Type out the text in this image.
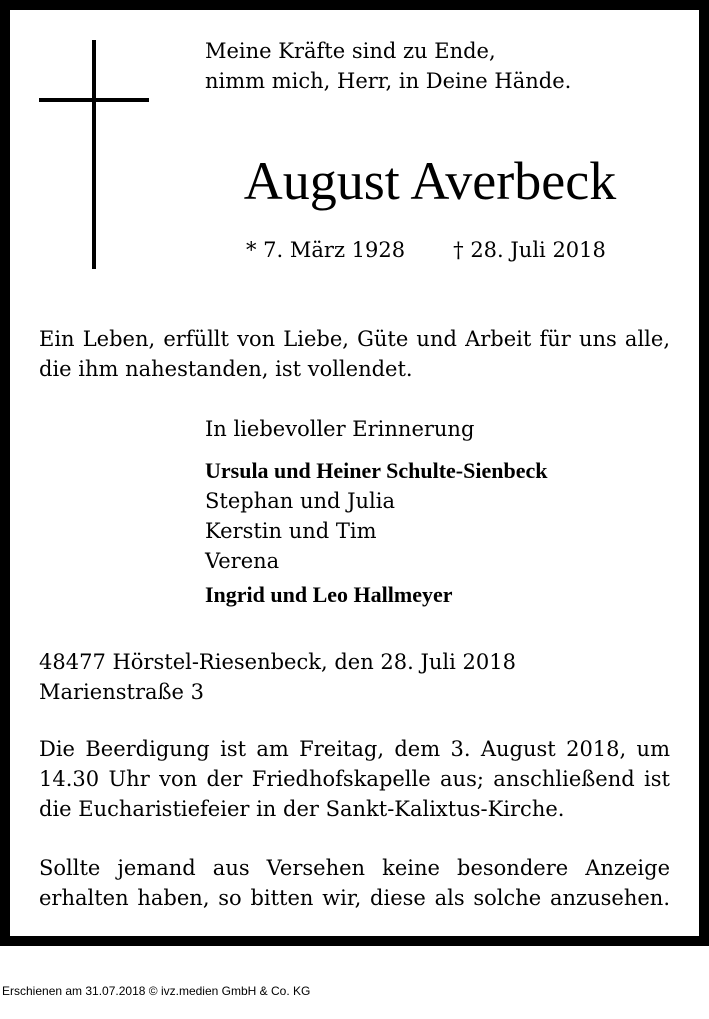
Meine Kräfte sind zu Ende,
nimm mich, Herr, in Deine Hände.
August Averbeck
* 7. März 1928 † 28. Juli 2018
Ein Leben, erfüllt von Liebe, Güte und Arbeit für uns alle,
die ihm nahestanden, ist vollendet.
In liebevoller Erinnerung
Ursula und Heiner Schulte-Sienbeck
Stephan und Julia
Kerstin und Tim
Verena
Ingrid und Leo Hallmeyer
48477 Hörstel-Riesenbeck, den 28. Juli 2018
Marienstraße 3
Die Beerdigung ist am Freitag, dem 3. August 2018, um
14.30 Uhr von der Friedhofskapelle aus; anschließend ist
die Eucharistiefeier in der Sankt-Kalixtus-Kirche.
Sollte jemand aus Versehen keine besondere Anzeige
erhalten haben, so bitten wir, diese als solche anzusehen.
Erschienen am 31.07.2018 © ivz.medien GmbH & Co. KG
